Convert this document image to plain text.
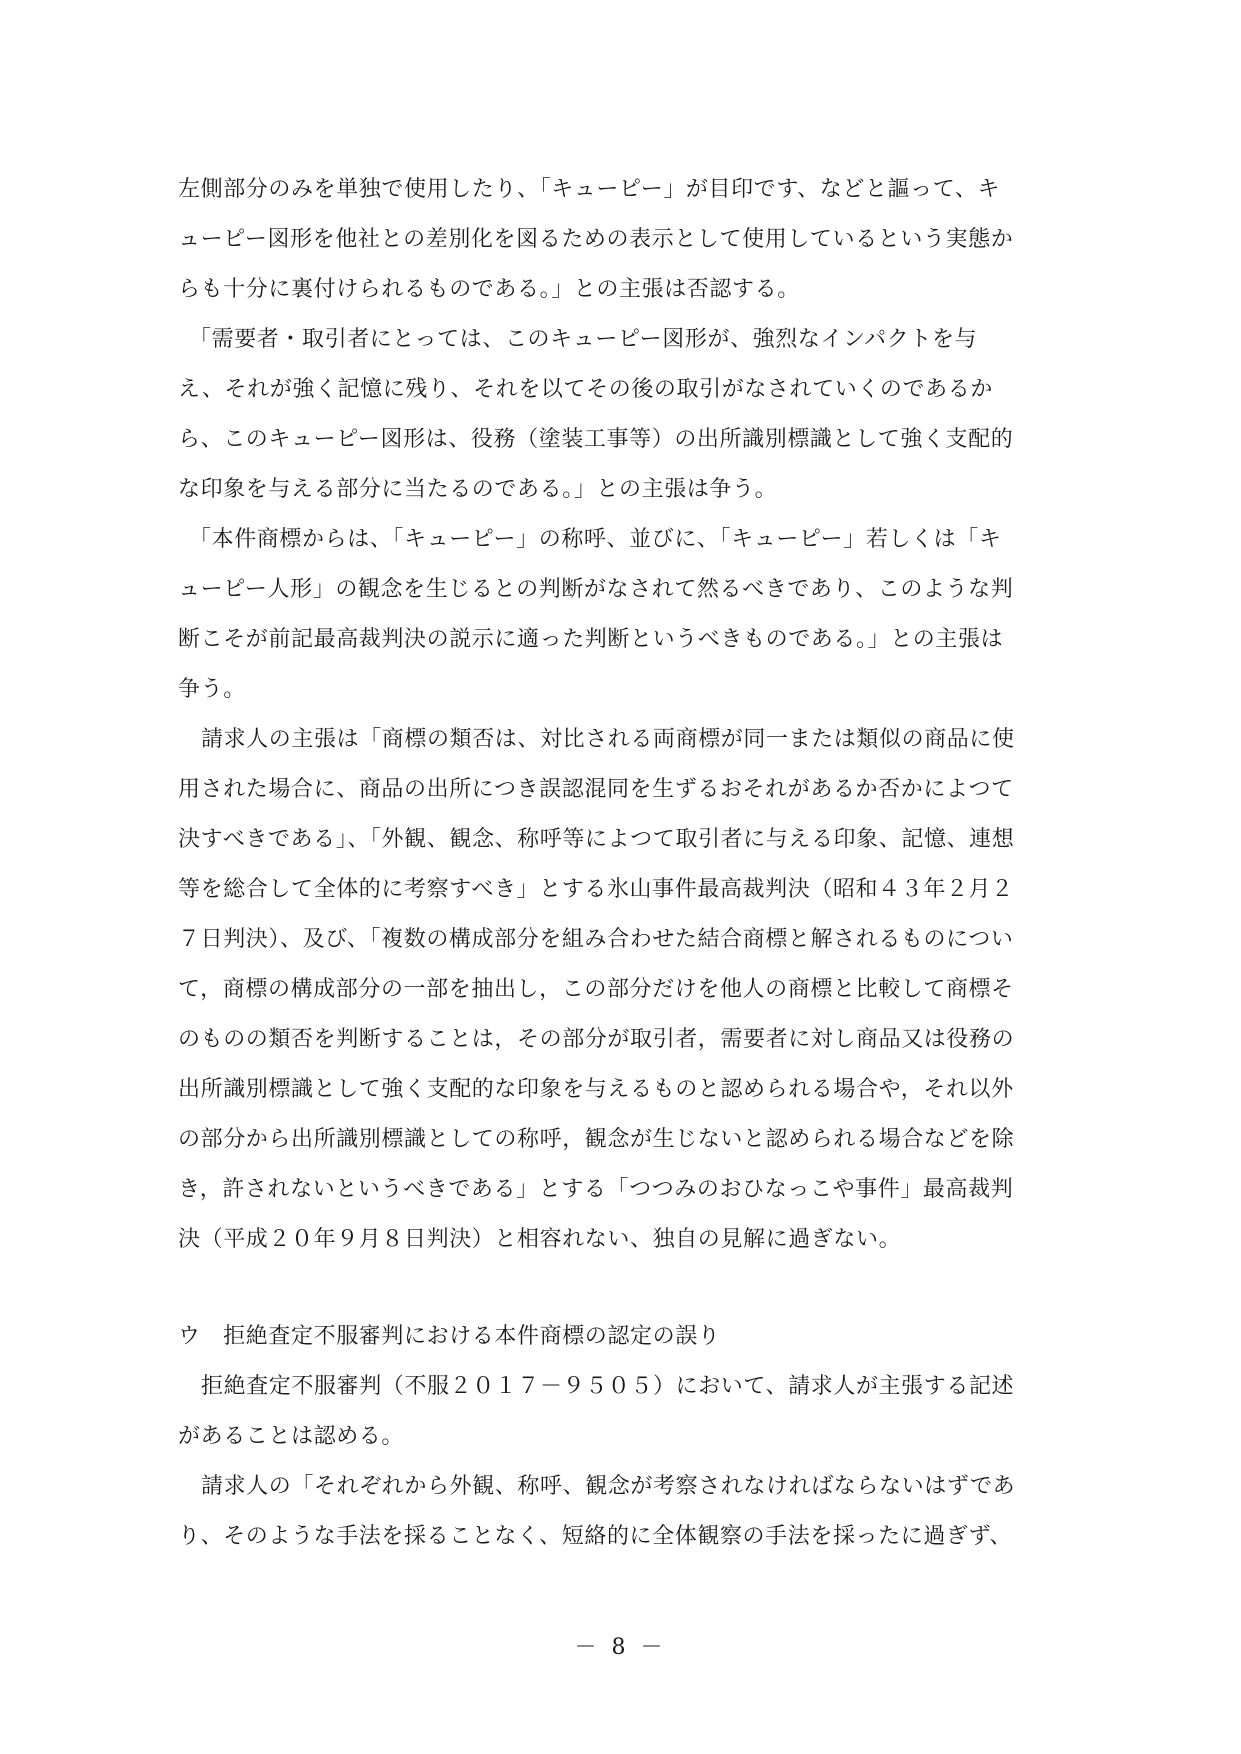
左側部分のみを単独で使用したり、「キューピー」が目印です、などと謳って、キ
ューピー図形を他社との差別化を図るための表示として使用しているという実態か
らも十分に裏付けられるものである。」との主張は否認する。
「需要者・取引者にとっては、このキューピー図形が、強烈なインパクトを与
え、それが強く記憶に残り、それを以てその後の取引がなされていくのであるか
ら、このキューピー図形は、役務（塗装工事等）の出所識別標識として強く支配的
な印象を与える部分に当たるのである。」との主張は争う。
「本件商標からは、「キューピー」の称呼、並びに、「キューピー」若しくは「キ
ューピー人形」の観念を生じるとの判断がなされて然るべきであり、このような判
断こそが前記最高裁判決の説示に適った判断というべきものである。」との主張は
争う。
請求人の主張は「商標の類否は、対比される両商標が同一または類似の商品に使
用された場合に、商品の出所につき誤認混同を生ずるおそれがあるか否かによつて
決すべきである」、「外観、観念、称呼等によつて取引者に与える印象、記憶、連想
等を総合して全体的に考察すべき」とする氷山事件最高裁判決（昭和４３年２月２
７日判決）、及び、「複数の構成部分を組み合わせた結合商標と解されるものについ
て，商標の構成部分の一部を抽出し，この部分だけを他人の商標と比較して商標そ
のものの類否を判断することは，その部分が取引者，需要者に対し商品又は役務の
出所識別標識として強く支配的な印象を与えるものと認められる場合や，それ以外
の部分から出所識別標識としての称呼，観念が生じないと認められる場合などを除
き，許されないというべきである」とする「つつみのおひなっこや事件」最高裁判
決（平成２０年９月８日判決）と相容れない、独自の見解に過ぎない。
ウ　拒絶査定不服審判における本件商標の認定の誤り
拒絶査定不服審判（不服２０１７－９５０５）において、請求人が主張する記述
があることは認める。
請求人の「それぞれから外観、称呼、観念が考察されなければならないはずであ
り、そのような手法を採ることなく、短絡的に全体観察の手法を採ったに過ぎず、
－ 8 －
